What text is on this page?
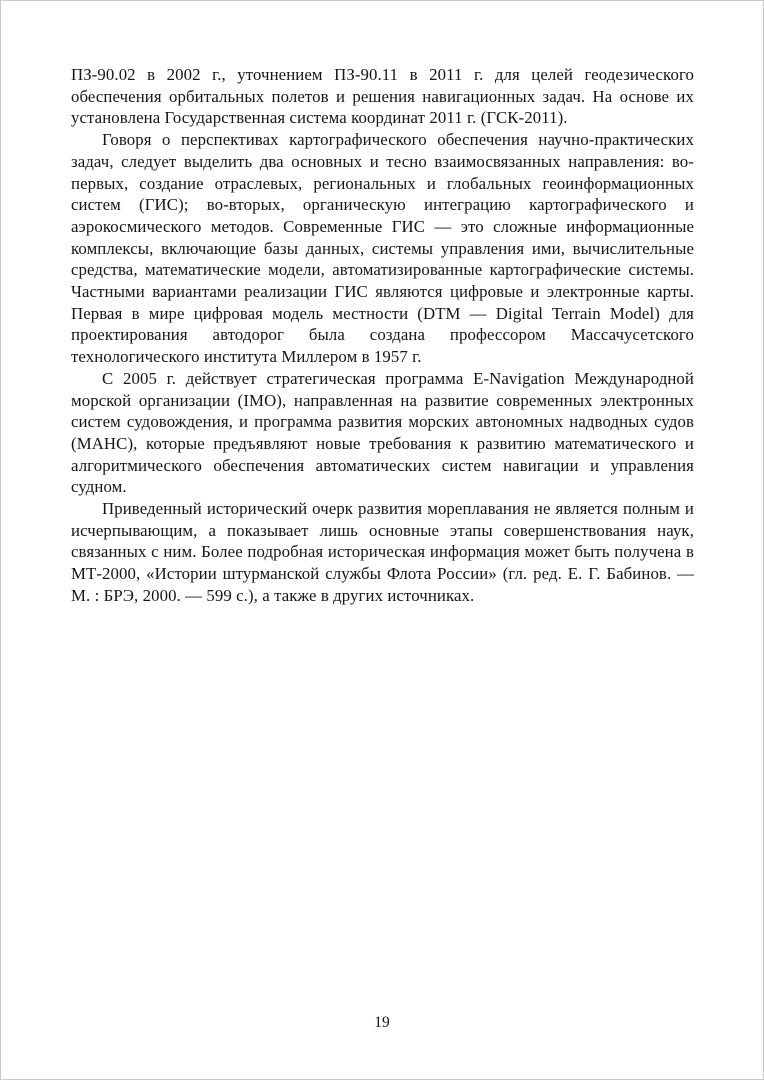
ПЗ-90.02 в 2002 г., уточнением ПЗ-90.11 в 2011 г. для целей геодезического обеспечения орбитальных полетов и решения навигационных задач. На основе их установлена Государственная система координат 2011 г. (ГСК-2011).

Говоря о перспективах картографического обеспечения научно-практических задач, следует выделить два основных и тесно взаимосвязанных направления: во-первых, создание отраслевых, региональных и глобальных геоинформационных систем (ГИС); во-вторых, органическую интеграцию картографического и аэрокосмического методов. Современные ГИС — это сложные информационные комплексы, включающие базы данных, системы управления ими, вычислительные средства, математические модели, автоматизированные картографические системы. Частными вариантами реализации ГИС являются цифровые и электронные карты. Первая в мире цифровая модель местности (DTM — Digital Terrain Model) для проектирования автодорог была создана профессором Массачусетского технологического института Миллером в 1957 г.

С 2005 г. действует стратегическая программа E-Navigation Международной морской организации (IMO), направленная на развитие современных электронных систем судовождения, и программа развития морских автономных надводных судов (МАНС), которые предъявляют новые требования к развитию математического и алгоритмического обеспечения автоматических систем навигации и управления судном.

Приведенный исторический очерк развития мореплавания не является полным и исчерпывающим, а показывает лишь основные этапы совершенствования наук, связанных с ним. Более подробная историческая информация может быть получена в МТ-2000, «Истории штурманской службы Флота России» (гл. ред. Е. Г. Бабинов. — М. : БРЭ, 2000. — 599 с.), а также в других источниках.

19
